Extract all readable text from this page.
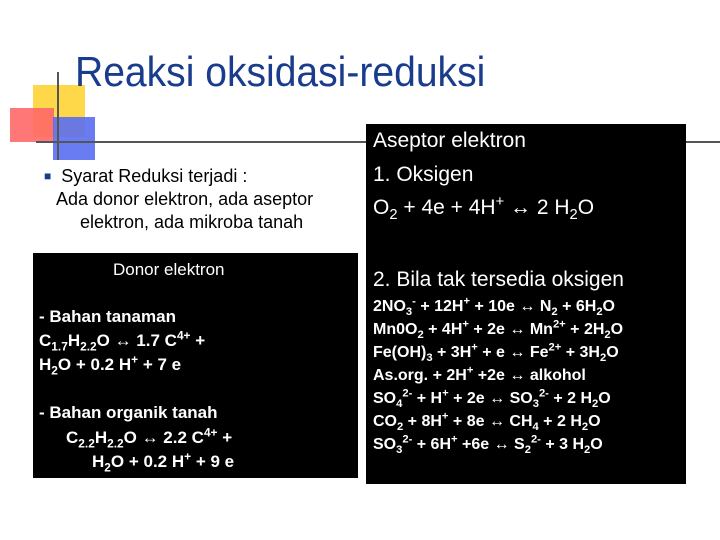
Reaksi oksidasi-reduksi
■ Syarat Reduksi terjadi :
Ada donor elektron, ada aseptor
elektron, ada mikroba tanah
Donor elektron
- Bahan tanaman
$C_{1.7}H_{2.2}O$ ↔ 1.7 $C^{4+}$ +
$H_2O + 0.2$ H+ + 7 e
- Bahan organik tanah
$C_{2.2}H_{2.2}O$ ↔ 2.2 $C^{4+}$ +
$H_2O + 0.2$ H+ + 9 e
Aseptor elektron
1. Oksigen
$O_2 + 4e + 4H^+$ ↔ 2 $H_2O$
2. Bila tak tersedia oksigen
$2NO_3^- + 12H^+ + 10e$ ↔ $N_2 + 6H_2O$
$Mn0O_2 + 4H^+ + 2e$ ↔ $Mn^{2+} + 2H_2O$
$Fe(OH)_3 + 3H^+ + e$ ↔ $Fe^{2+} + 3H_2O$
As.org. + 2H+ +2e ↔ alkohol
$SO_4^{2-} + H^+ + 2e$ ↔ $SO_3^{2-} + 2$ $H_2O$
$CO_2 + 8H^+ + 8e$ ↔ $CH_4 + 2$ $H_2O$
$SO_3^{2-} + 6H^+ +6e$ ↔ $S_2^{2-} + 3$ $H_2O$
